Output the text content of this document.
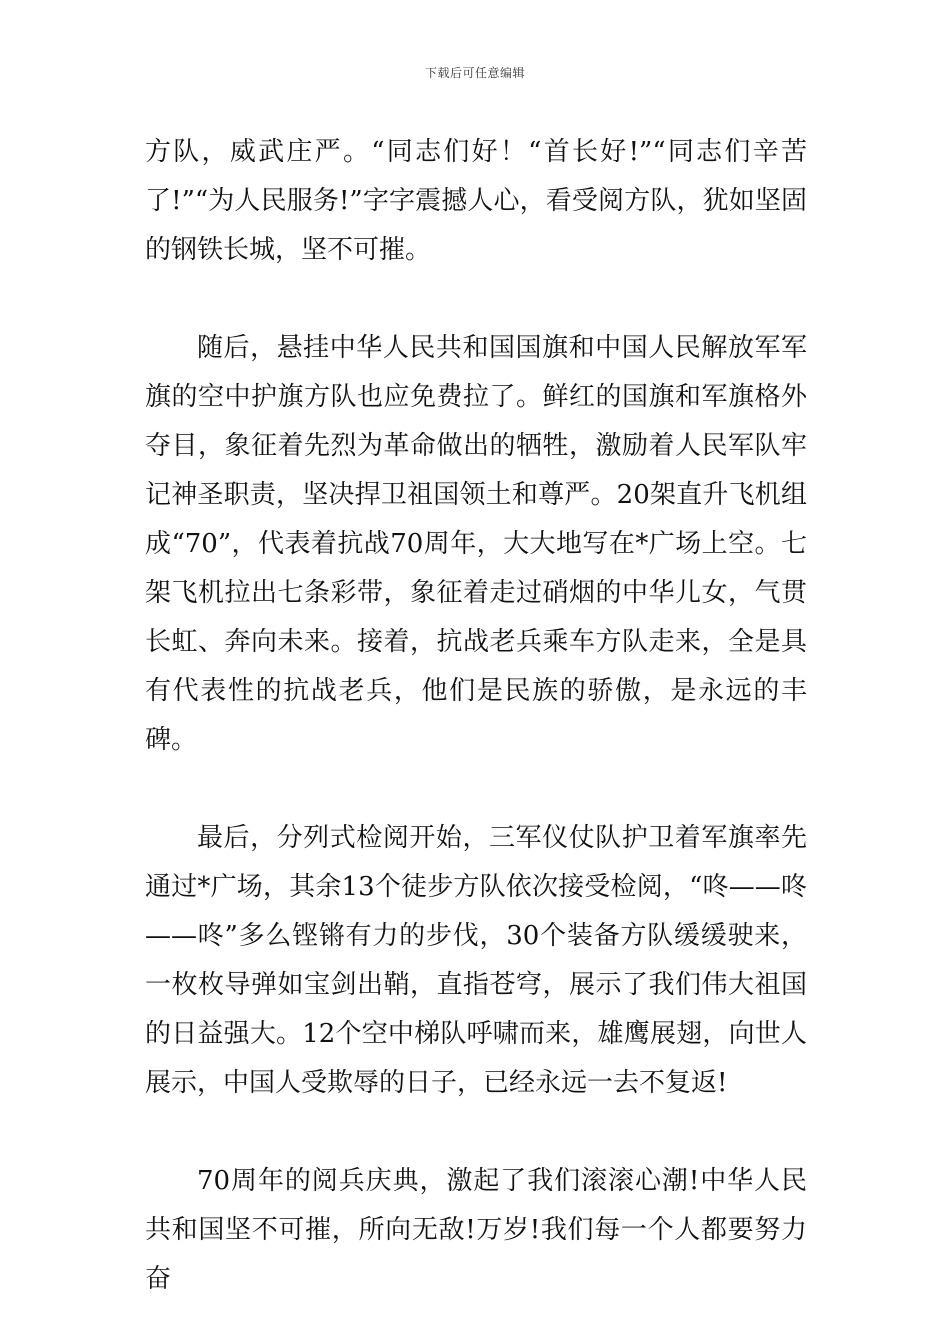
下载后可任意编辑

方队，威武庄严。“同志们好！“首长好!”“同志们辛苦了!”“为人民服务!”字字震撼人心，看受阅方队，犹如坚固的钢铁长城，坚不可摧。

随后，悬挂中华人民共和国国旗和中国人民解放军军旗的空中护旗方队也应免费拉了。鲜红的国旗和军旗格外夺目，象征着先烈为革命做出的牺牲，激励着人民军队牢记神圣职责，坚决捍卫祖国领土和尊严。20架直升飞机组成“70”，代表着抗战70周年，大大地写在*广场上空。七架飞机拉出七条彩带，象征着走过硝烟的中华儿女，气贯长虹、奔向未来。接着，抗战老兵乘车方队走来，全是具有代表性的抗战老兵，他们是民族的骄傲，是永远的丰碑。

最后，分列式检阅开始，三军仪仗队护卫着军旗率先通过*广场，其余13个徒步方队依次接受检阅，“咚——咚——咚”多么铿锵有力的步伐，30个装备方队缓缓驶来，一枚枚导弹如宝剑出鞘，直指苍穹，展示了我们伟大祖国的日益强大。12个空中梯队呼啸而来，雄鹰展翅，向世人展示，中国人受欺辱的日子，已经永远一去不复返!

70周年的阅兵庆典，激起了我们滚滚心潮!中华人民共和国坚不可摧，所向无敌!万岁!我们每一个人都要努力奋
